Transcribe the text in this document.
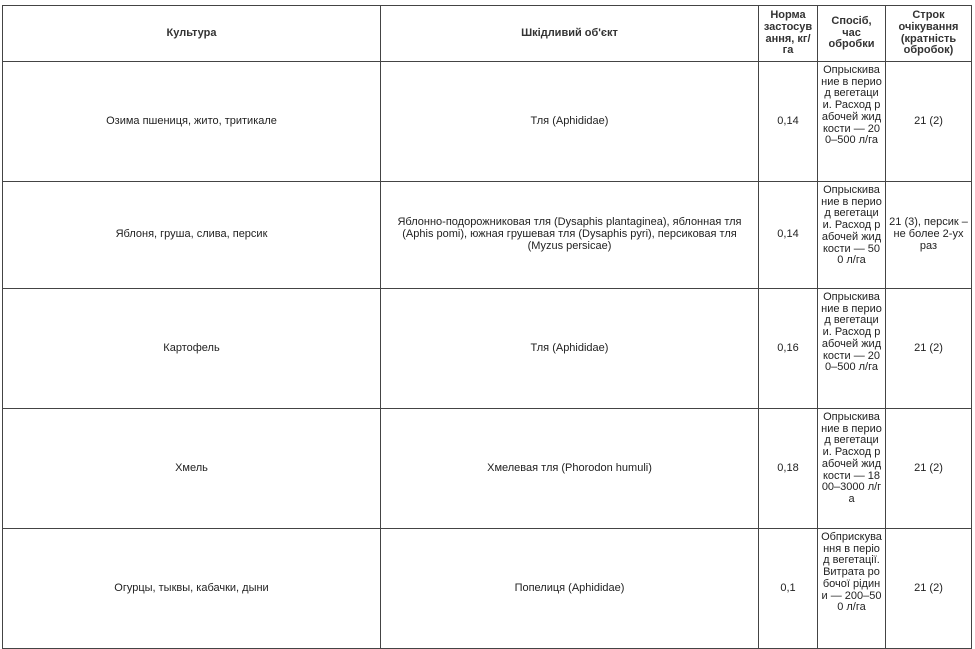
Культура	Шкідливий об'єкт	Норма застосування, кг/га	Спосіб, час обробки	Строк очікування (кратність обробок)
Озима пшениця, жито, тритикале	Тля (Aphididae)	0,14	Опрыскивание в период вегетации. Расход рабочей жидкости — 200–500 л/га	21 (2)
Яблоня, груша, слива, персик	Яблонно-подорожниковая тля (Dysaphis plantaginea), яблонная тля (Aphis pomi), южная грушевая тля (Dysaphis pyri), персиковая тля (Myzus persicae)	0,14	Опрыскивание в период вегетации. Расход рабочей жидкости — 500 л/га	21 (3), персик – не более 2-ух раз
Картофель	Тля (Aphididae)	0,16	Опрыскивание в период вегетации. Расход рабочей жидкости — 200–500 л/га	21 (2)
Хмель	Хмелевая тля (Phorodon humuli)	0,18	Опрыскивание в период вегетации. Расход рабочей жидкости — 1800–3000 л/га	21 (2)
Огурцы, тыквы, кабачки, дыни	Попелиця (Aphididae)	0,1	Обприскування в період вегетації. Витрата робочої рідини — 200–500 л/га	21 (2)
